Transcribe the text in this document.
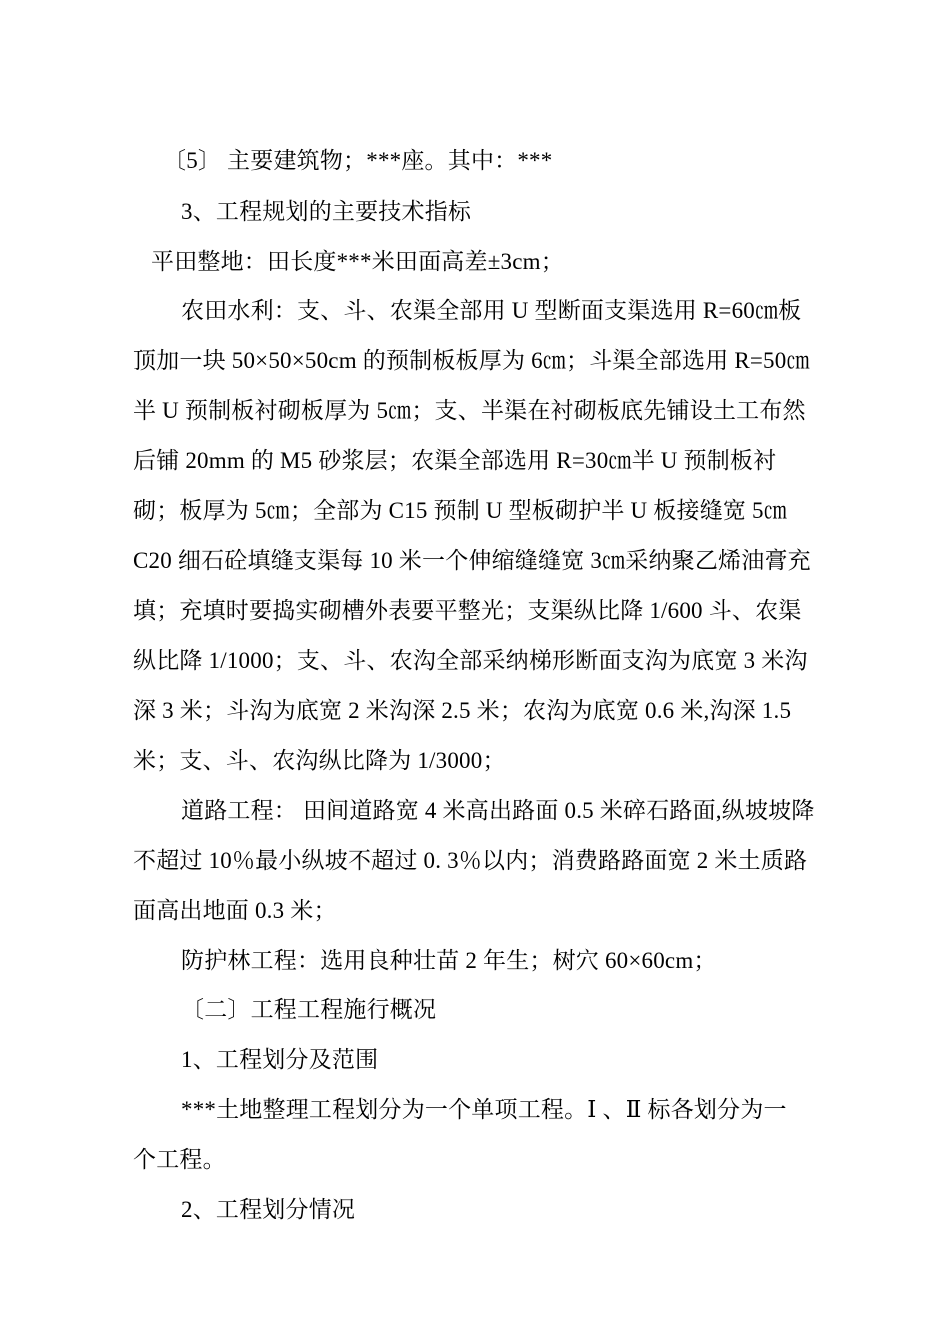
〔5〕 主要建筑物；***座。其中：***
3、工程规划的主要技术指标
平田整地：田长度***米田面高差±3cm；
农田水利：支、斗、农渠全部用 U 型断面支渠选用 R=60㎝板
顶加一块 50×50×50cm 的预制板板厚为 6㎝；斗渠全部选用 R=50㎝
半 U 预制板衬砌板厚为 5㎝；支、半渠在衬砌板底先铺设土工布然
后铺 20mm 的 M5 砂浆层；农渠全部选用 R=30㎝半 U 预制板衬
砌；板厚为 5㎝；全部为 C15 预制 U 型板砌护半 U 板接缝宽 5㎝
C20 细石砼填缝支渠每 10 米一个伸缩缝缝宽 3㎝采纳聚乙烯油膏充
填；充填时要捣实砌槽外表要平整光；支渠纵比降 1/600 斗、农渠
纵比降 1/1000；支、斗、农沟全部采纳梯形断面支沟为底宽 3 米沟
深 3 米；斗沟为底宽 2 米沟深 2.5 米；农沟为底宽 0.6 米,沟深 1.5
米；支、斗、农沟纵比降为 1/3000；
道路工程： 田间道路宽 4 米高出路面 0.5 米碎石路面,纵坡坡降
不超过 10％最小纵坡不超过 0. 3％以内；消费路路面宽 2 米土质路
面高出地面 0.3 米；
防护林工程：选用良种壮苗 2 年生；树穴 60×60cm；
〔二〕工程工程施行概况
1、工程划分及范围
***土地整理工程划分为一个单项工程。Ⅰ 、Ⅱ 标各划分为一
个工程。
2、工程划分情况
